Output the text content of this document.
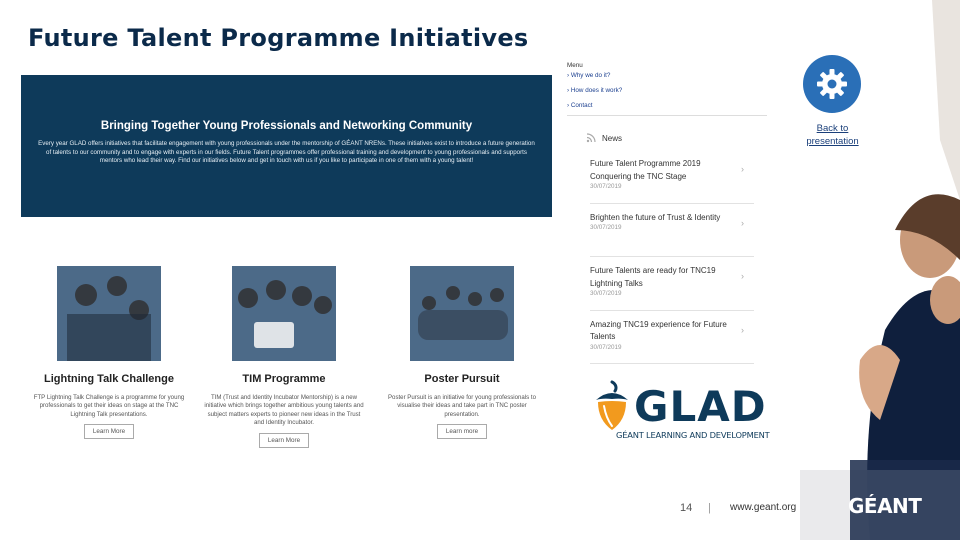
Future Talent Programme Initiatives
Bringing Together Young Professionals and Networking Community

Every year GLAD offers initiatives that facilitate engagement with young professionals under the mentorship of GÉANT NRENs. These initiatives exist to introduce a future generation of talents to our community and to engage with experts in our fields. Future Talent programmes offer professional training and development to young professionals and supports mentors who lead their way. Find our initiatives below and get in touch with us if you like to participate in one of them with a young talent!

Lightning Talk Challenge

FTP Lightning Talk Challenge is a programme for young professionals to get their ideas on stage at the TNC Lightning Talk presentations.

Learn More
TIM Programme

TIM (Trust and Identity Incubator Mentorship) is a new initiative which brings together ambitious young talents and subject matters experts to pioneer new ideas in the Trust and Identity Incubator.

Learn More
Poster Pursuit

Poster Pursuit is an initiative for young professionals to visualise their ideas and take part in TNC poster presentation.

Learn more
Menu
› Why we do it?
› How does it work?
› Contact
News
Future Talent Programme 2019 Conquering the TNC Stage
30/07/2019
›
Brighten the future of Trust & Identity
30/07/2019	›
Future Talents are ready for TNC19 Lightning Talks
30/07/2019
›
Amazing TNC19 experience for Future Talents
30/07/2019
›
GLAD
GÉANT LEARNING AND DEVELOPMENT
Back to presentation
14 | www.geant.org	GÉANT
